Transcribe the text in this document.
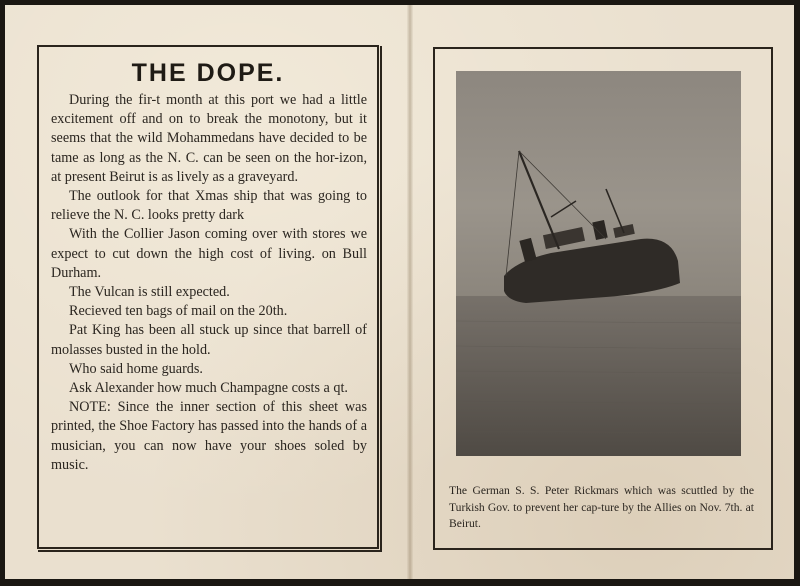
THE DOPE.

During the fir-t month at this port we had a little excitement off and on to break the monotony, but it seems that the wild Mohammedans have decided to be tame as long as the N. C. can be seen on the hor-izon, at present Beirut is as lively as a graveyard.

The outlook for that Xmas ship that was going to relieve the N. C. looks pretty dark

With the Collier Jason coming over with stores we expect to cut down the high cost of living. on Bull Durham.

The Vulcan is still expected.

Recieved ten bags of mail on the 20th.

Pat King has been all stuck up since that barrell of molasses busted in the hold.

Who said home guards.

Ask Alexander how much Champagne costs a qt.

NOTE: Since the inner section of this sheet was printed, the Shoe Factory has passed into the hands of a musician, you can now have your shoes soled by music.

The German S. S. Peter Rickmars which was scuttled by the Turkish Gov. to prevent her cap-ture by the Allies on Nov. 7th. at Beirut.
